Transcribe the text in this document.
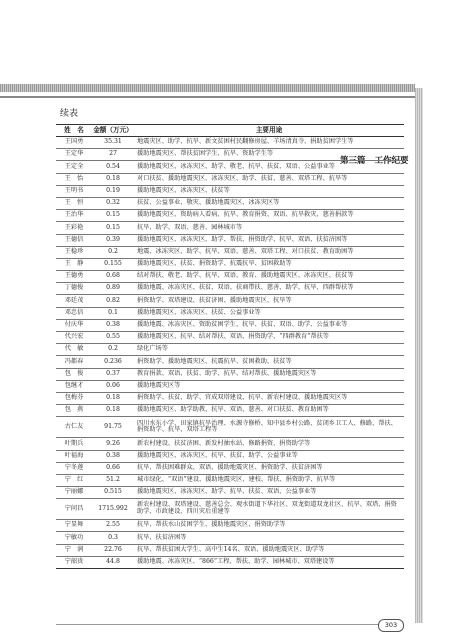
第三篇 工作纪要
续表
姓　名	金额（万元）	主要用途
王国勇	35.31	地震灾区、助学、抗旱、新文贫困村民翻修房屋、羊场清真寺、捐助贫困学生等
王定华	27	援助地震灾区、帮扶贫困学生、抗旱、资助学生等
王定全	0.54	援助地震灾区、冰冻灾区、助学、敬老、抗旱、扶贫、双语、公益事业等
王　怡	0.18	对口扶贫、援助地震灾区、冰冻灾区、助学、扶贫、慈善、双塔工程、抗旱等
王明书	0.19	援助地震灾区、冰冻灾区、扶贫等
王　恒	0.32	扶贫、公益事业、敬灾、援助地震灾区、冰冻灾区等
王治华	0.15	援助地震灾区、资助病人看病、抗旱、教育捐资、双语、抗旱救灾、慈善捐款等
王彩艳	0.15	抗旱、助学、双语、慈善、园林城市等
王德信	0.39	援助地震灾区、冰冻灾区、助学、帮扶、捐资助学、抗旱、双语、扶贫济困等
王稳珍	0.2	地震、冰冻灾区、助学、抗旱、双语、慈善、双塔工程、对口扶贫、教育助困等
王　静	0.155	援助地震灾区、扶贫、捐资助学、抗震抗旱、贫困救助等
王德勇	0.68	结对帮扶、敬老、助学、抗旱、双语、教育、援助地震灾区、冰冻灾区、扶贫等
丁德俊	0.89	援助地震、冰冻灾区、扶贫、双语、扶商带扶、慈善、助学、抗旱、四群帮扶等
邓廷茂	0.82	捐资助学、双塔建设、扶贫济困、援助地震灾区、抗旱等
邓忠信	0.1	援助地震灾区、冰冻灾区、扶贫、公益事业等
付庆华	0.38	援助地震、冰冻灾区、资助贫困学生、抗旱、扶贫、双语、助学、公益事业等
代兴宏	0.55	援助地震灾区、抗旱、结对帮扶、双语、捐资助学、“四群教育”帮扶等
代　敏	0.2	绿化广场等
冯都春	0.236	捐资助学、援助地震灾区、抗震抗旱、贫困救助、扶贫等
包　俊	0.37	教育捐款、双语、扶贫、助学、抗旱、结对帮扶、援助地震灾区等
包继才	0.06	援助地震灾区等
包梅芬	0.18	捐资助学、扶贫、助学、官成双塔建设、抗旱、新农村建设、援助地震灾区等
包　燕	0.18	援助地震灾区、助学助教、抗旱、双语、慈善、对口扶贫、教育助困等
古仁友	91.75	四川水东小学、田家镇抗旱治理、水源寺修桥、知中县乡村公路、贫闭乡卫工人、修路、帮扶、捐资助学、抗旱、双塔工程等
叶期兵	9.26	新农村建设、扶贫济困、新发村抽水站、修路捐资、捐资助学等
叶福海	0.38	援助地震灾区、冰冻灾区、抗旱、扶贫、助学、公益事业等
宁冬莲	0.66	抗旱、帮扶困难群众、双语、援助地震灾区、捐资助学、扶贫济困等
宁　红	51.2	城市绿化、“双语”建设、援助地震灾区、建校、帮扶、捐资助学、抗旱等
宁丽娜	0.515	援助地震灾区、冰冻灾区、助学、抗旱、扶贫、双语、公益事业等
宁问昌	1715.992	新农村建设、双塔建设、慈善总会、观水街道下华社区、双龙街道双龙社区、抗旱、双塔、捐资助学、市政建设、四川灾后重建等
宁显舞	2.55	抗旱、帮扶水山贫困学生、援助地震灾区、捐资助学等
宁敏功	0.3	抗旱、扶贫济困等
宁　润	22.76	抗旱、帮扶贫困大学生、高中生14名、双语、援助地震灾区、助学等
宁韶贵	44.8	援助地震、冰冻灾区、“866”工程、帮扶、助学、园林城市、双塔建设等
303
